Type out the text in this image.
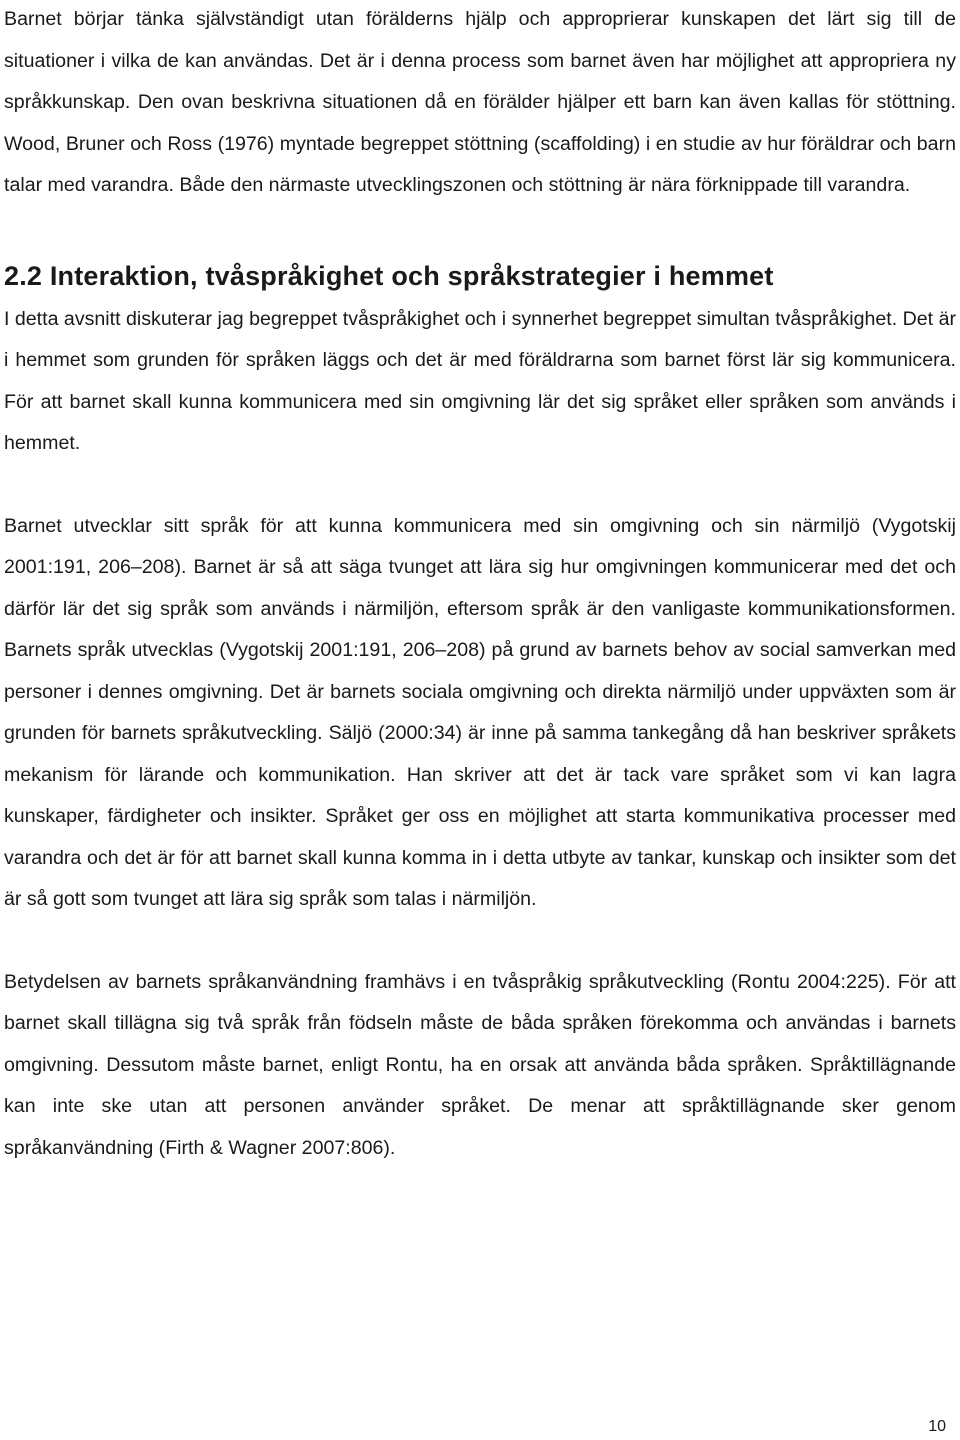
Barnet börjar tänka självständigt utan förälderns hjälp och approprierar kunskapen det lärt sig till de situationer i vilka de kan användas. Det är i denna process som barnet även har möjlighet att appropriera ny språkkunskap. Den ovan beskrivna situationen då en förälder hjälper ett barn kan även kallas för stöttning. Wood, Bruner och Ross (1976) myntade begreppet stöttning (scaffolding) i en studie av hur föräldrar och barn talar med varandra. Både den närmaste utvecklingszonen och stöttning är nära förknippade till varandra.

2.2 Interaktion, tvåspråkighet och språkstrategier i hemmet

I detta avsnitt diskuterar jag begreppet tvåspråkighet och i synnerhet begreppet simultan tvåspråkighet. Det är i hemmet som grunden för språken läggs och det är med föräldrarna som barnet först lär sig kommunicera. För att barnet skall kunna kommunicera med sin omgivning lär det sig språket eller språken som används i hemmet.

Barnet utvecklar sitt språk för att kunna kommunicera med sin omgivning och sin närmiljö (Vygotskij 2001:191, 206–208). Barnet är så att säga tvunget att lära sig hur omgivningen kommunicerar med det och därför lär det sig språk som används i närmiljön, eftersom språk är den vanligaste kommunikationsformen. Barnets språk utvecklas (Vygotskij 2001:191, 206–208) på grund av barnets behov av social samverkan med personer i dennes omgivning. Det är barnets sociala omgivning och direkta närmiljö under uppväxten som är grunden för barnets språkutveckling. Säljö (2000:34) är inne på samma tankegång då han beskriver språkets mekanism för lärande och kommunikation. Han skriver att det är tack vare språket som vi kan lagra kunskaper, färdigheter och insikter. Språket ger oss en möjlighet att starta kommunikativa processer med varandra och det är för att barnet skall kunna komma in i detta utbyte av tankar, kunskap och insikter som det är så gott som tvunget att lära sig språk som talas i närmiljön.

Betydelsen av barnets språkanvändning framhävs i en tvåspråkig språkutveckling (Rontu 2004:225). För att barnet skall tillägna sig två språk från födseln måste de båda språken förekomma och användas i barnets omgivning. Dessutom måste barnet, enligt Rontu, ha en orsak att använda båda språken. Språktillägnande kan inte ske utan att personen använder språket. De menar att språktillägnande sker genom språkanvändning (Firth & Wagner 2007:806).

10
